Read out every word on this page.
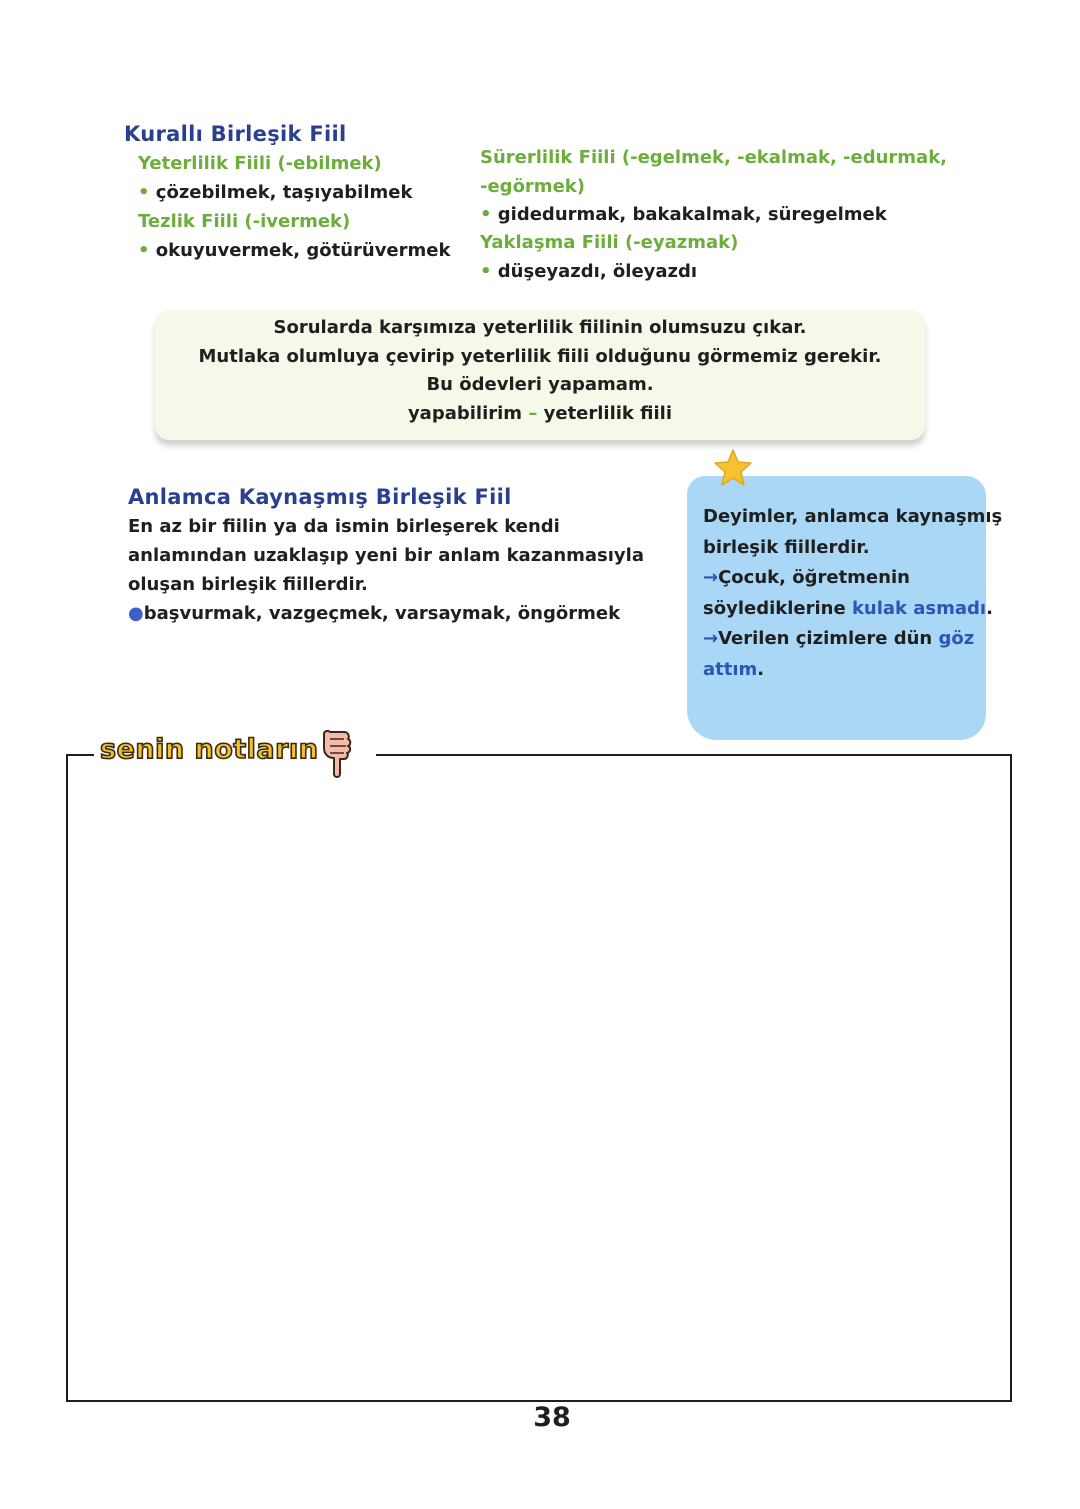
Kurallı Birleşik Fiil
Yeterlilik Fiili (-ebilmek)
• çözebilmek, taşıyabilmek
Tezlik Fiili (-ivermek)
• okuyuvermek, götürüvermek
Sürerlilik Fiili (-egelmek, -ekalmak, -edurmak,
-egörmek)
• gidedurmak, bakakalmak, süregelmek
Yaklaşma Fiili (-eyazmak)
• düşeyazdı, öleyazdı
Sorularda karşımıza yeterlilik fiilinin olumsuzu çıkar.
Mutlaka olumluya çevirip yeterlilik fiili olduğunu görmemiz gerekir.
Bu ödevleri yapamam.
yapabilirim – yeterlilik fiili
Anlamca Kaynaşmış Birleşik Fiil
En az bir fiilin ya da ismin birleşerek kendi
anlamından uzaklaşıp yeni bir anlam kazanmasıyla
oluşan birleşik fiillerdir.
●başvurmak, vazgeçmek, varsaymak, öngörmek
Deyimler, anlamca kaynaşmış
birleşik fiillerdir.
→Çocuk, öğretmenin
söylediklerine kulak asmadı.
→Verilen çizimlere dün göz
attım.
senin notların
38
